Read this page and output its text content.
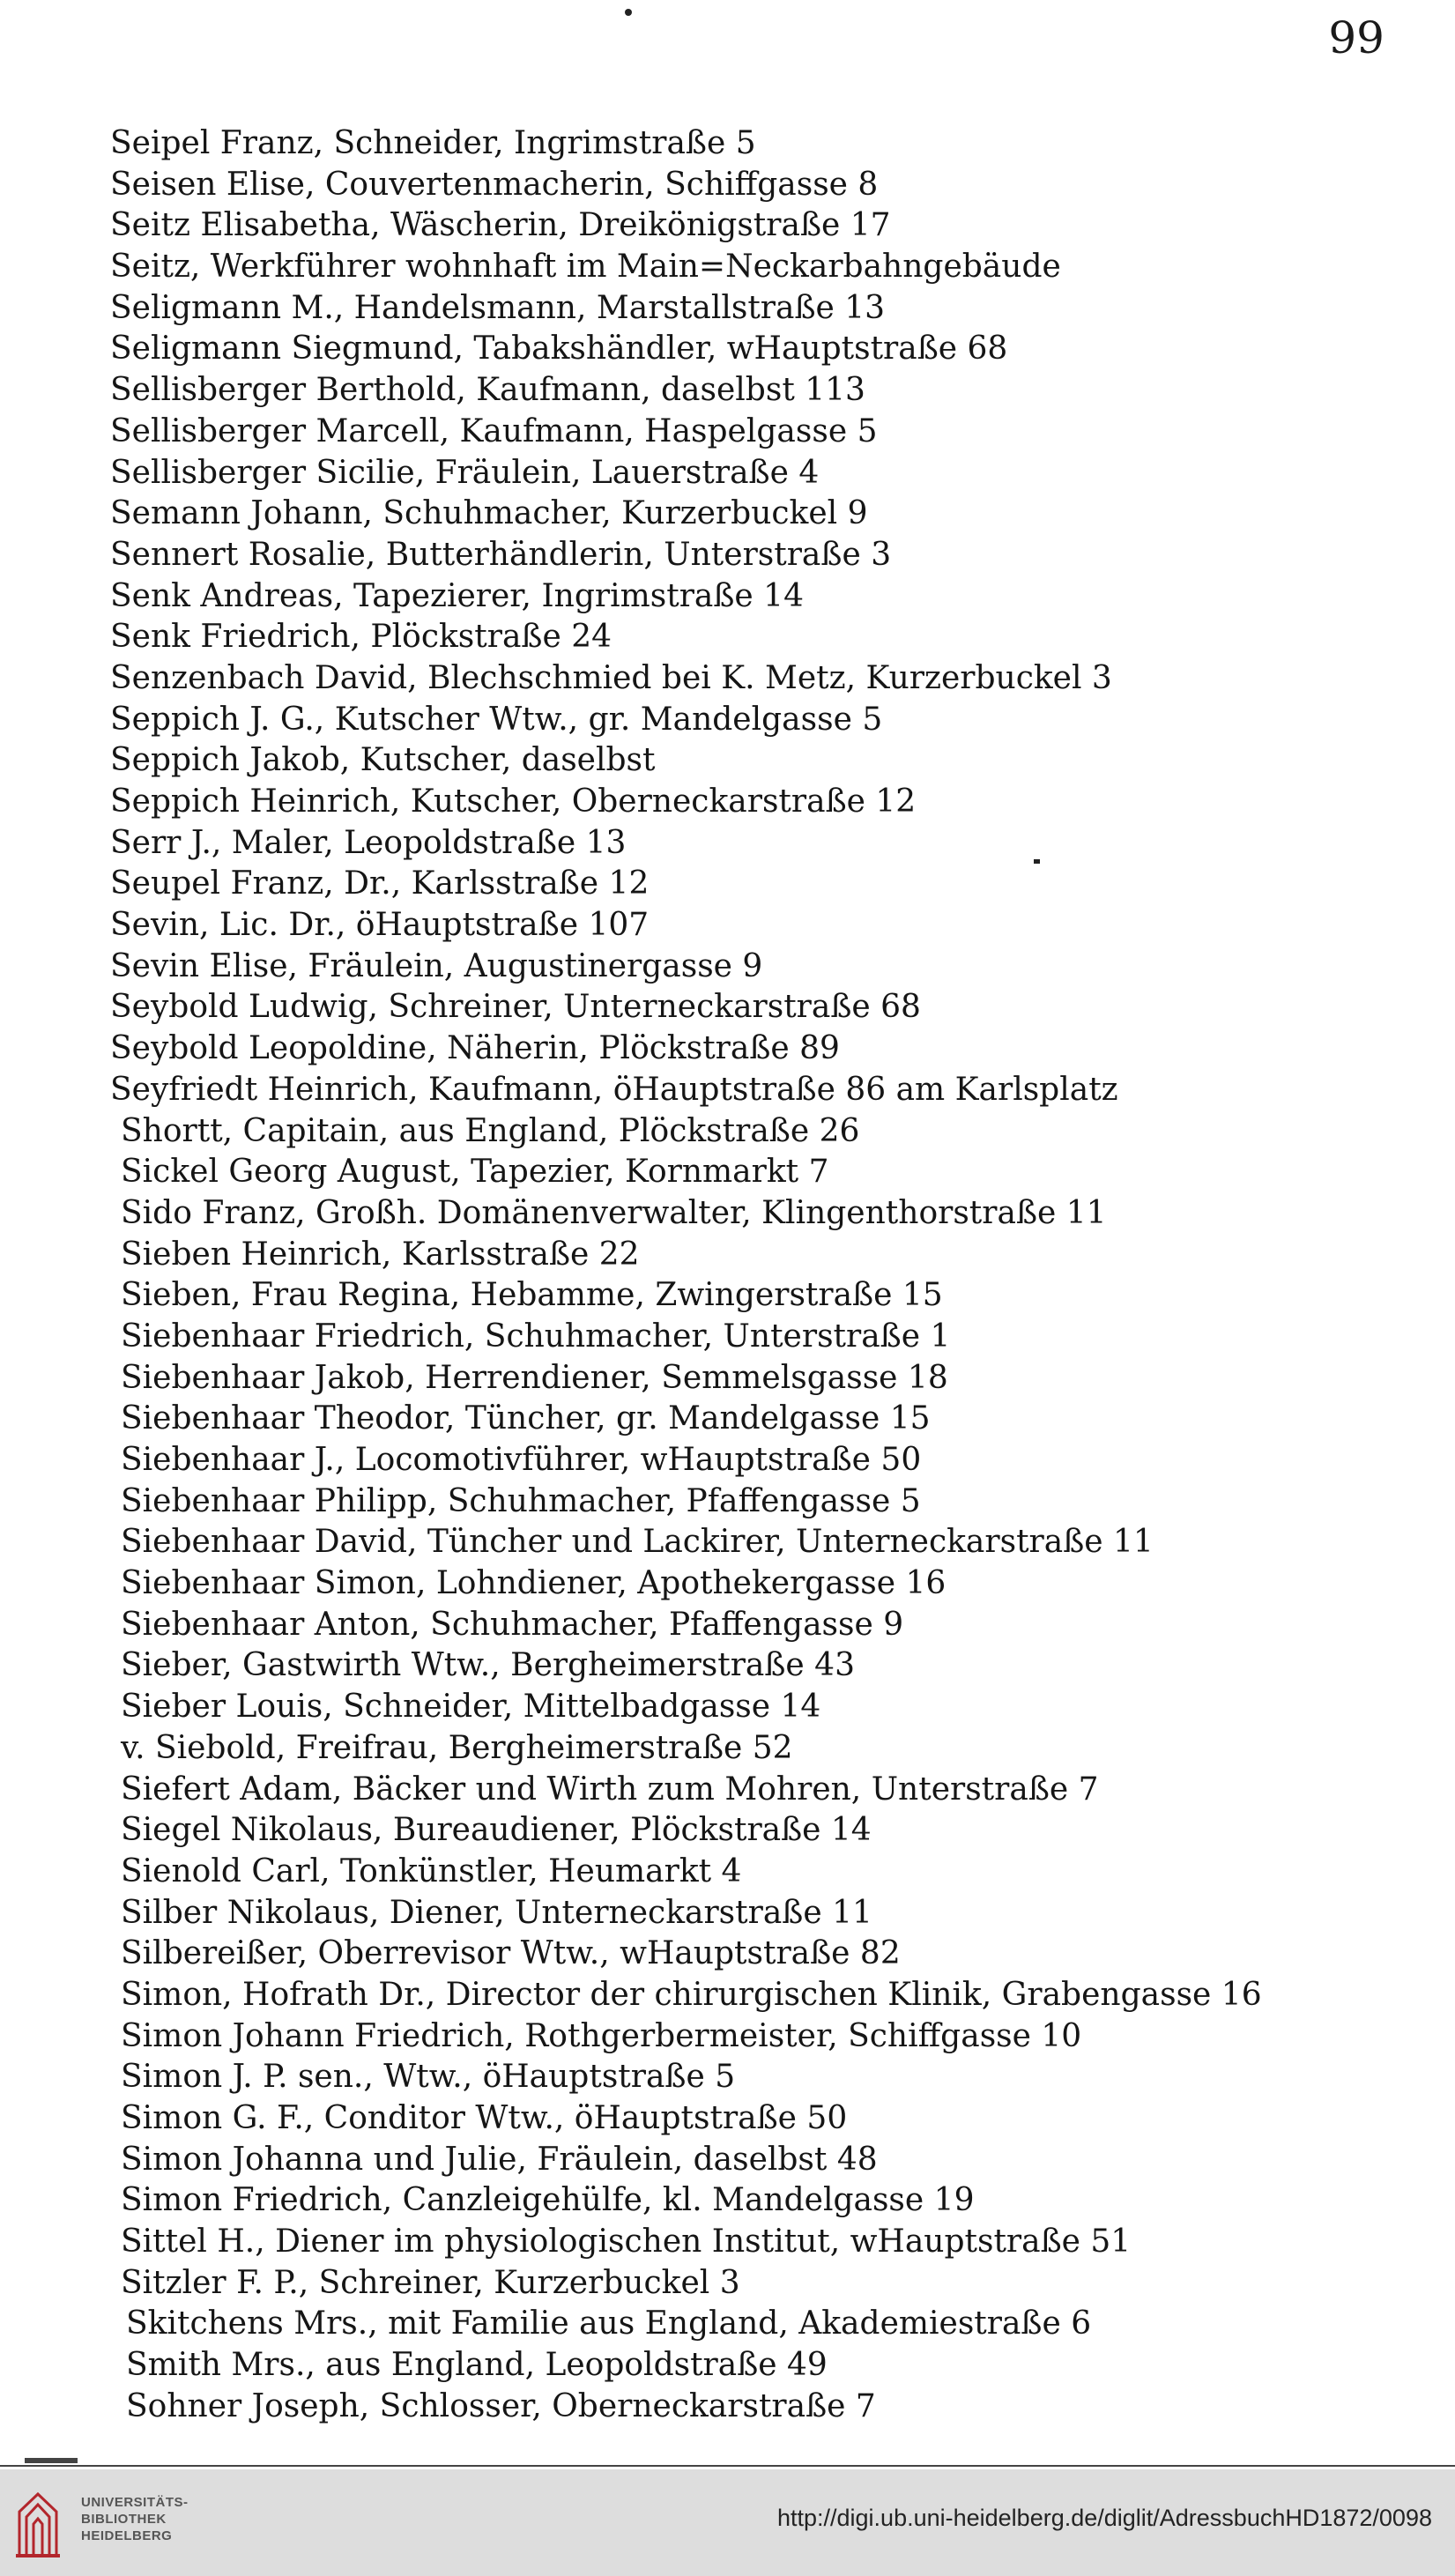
99
Seipel Franz, Schneider, Ingrimstraße 5
Seisen Elise, Couvertenmacherin, Schiffgasse 8
Seitz Elisabetha, Wäscherin, Dreikönigstraße 17
Seitz, Werkführer wohnhaft im Main=Neckarbahngebäude
Seligmann M., Handelsmann, Marstallstraße 13
Seligmann Siegmund, Tabakshändler, wHauptstraße 68
Sellisberger Berthold, Kaufmann, daselbst 113
Sellisberger Marcell, Kaufmann, Haspelgasse 5
Sellisberger Sicilie, Fräulein, Lauerstraße 4
Semann Johann, Schuhmacher, Kurzerbuckel 9
Sennert Rosalie, Butterhändlerin, Unterstraße 3
Senk Andreas, Tapezierer, Ingrimstraße 14
Senk Friedrich, Plöckstraße 24
Senzenbach David, Blechschmied bei K. Metz, Kurzerbuckel 3
Seppich J. G., Kutscher Wtw., gr. Mandelgasse 5
Seppich Jakob, Kutscher, daselbst
Seppich Heinrich, Kutscher, Oberneckarstraße 12
Serr J., Maler, Leopoldstraße 13
Seupel Franz, Dr., Karlsstraße 12
Sevin, Lic. Dr., öHauptstraße 107
Sevin Elise, Fräulein, Augustinergasse 9
Seybold Ludwig, Schreiner, Unterneckarstraße 68
Seybold Leopoldine, Näherin, Plöckstraße 89
Seyfriedt Heinrich, Kaufmann, öHauptstraße 86 am Karlsplatz
Shortt, Capitain, aus England, Plöckstraße 26
Sickel Georg August, Tapezier, Kornmarkt 7
Sido Franz, Großh. Domänenverwalter, Klingenthorstraße 11
Sieben Heinrich, Karlsstraße 22
Sieben, Frau Regina, Hebamme, Zwingerstraße 15
Siebenhaar Friedrich, Schuhmacher, Unterstraße 1
Siebenhaar Jakob, Herrendiener, Semmelsgasse 18
Siebenhaar Theodor, Tüncher, gr. Mandelgasse 15
Siebenhaar J., Locomotivführer, wHauptstraße 50
Siebenhaar Philipp, Schuhmacher, Pfaffengasse 5
Siebenhaar David, Tüncher und Lackirer, Unterneckarstraße 11
Siebenhaar Simon, Lohndiener, Apothekergasse 16
Siebenhaar Anton, Schuhmacher, Pfaffengasse 9
Sieber, Gastwirth Wtw., Bergheimerstraße 43
Sieber Louis, Schneider, Mittelbadgasse 14
v. Siebold, Freifrau, Bergheimerstraße 52
Siefert Adam, Bäcker und Wirth zum Mohren, Unterstraße 7
Siegel Nikolaus, Bureaudiener, Plöckstraße 14
Sienold Carl, Tonkünstler, Heumarkt 4
Silber Nikolaus, Diener, Unterneckarstraße 11
Silbereißer, Oberrevisor Wtw., wHauptstraße 82
Simon, Hofrath Dr., Director der chirurgischen Klinik, Grabengasse 16
Simon Johann Friedrich, Rothgerbermeister, Schiffgasse 10
Simon J. P. sen., Wtw., öHauptstraße 5
Simon G. F., Conditor Wtw., öHauptstraße 50
Simon Johanna und Julie, Fräulein, daselbst 48
Simon Friedrich, Canzleigehülfe, kl. Mandelgasse 19
Sittel H., Diener im physiologischen Institut, wHauptstraße 51
Sitzler F. P., Schreiner, Kurzerbuckel 3
Skitchens Mrs., mit Familie aus England, Akademiestraße 6
Smith Mrs., aus England, Leopoldstraße 49
Sohner Joseph, Schlosser, Oberneckarstraße 7
UNIVERSITÄTS-
BIBLIOTHEK
HEIDELBERG
http://digi.ub.uni-heidelberg.de/diglit/AdressbuchHD1872/0098
